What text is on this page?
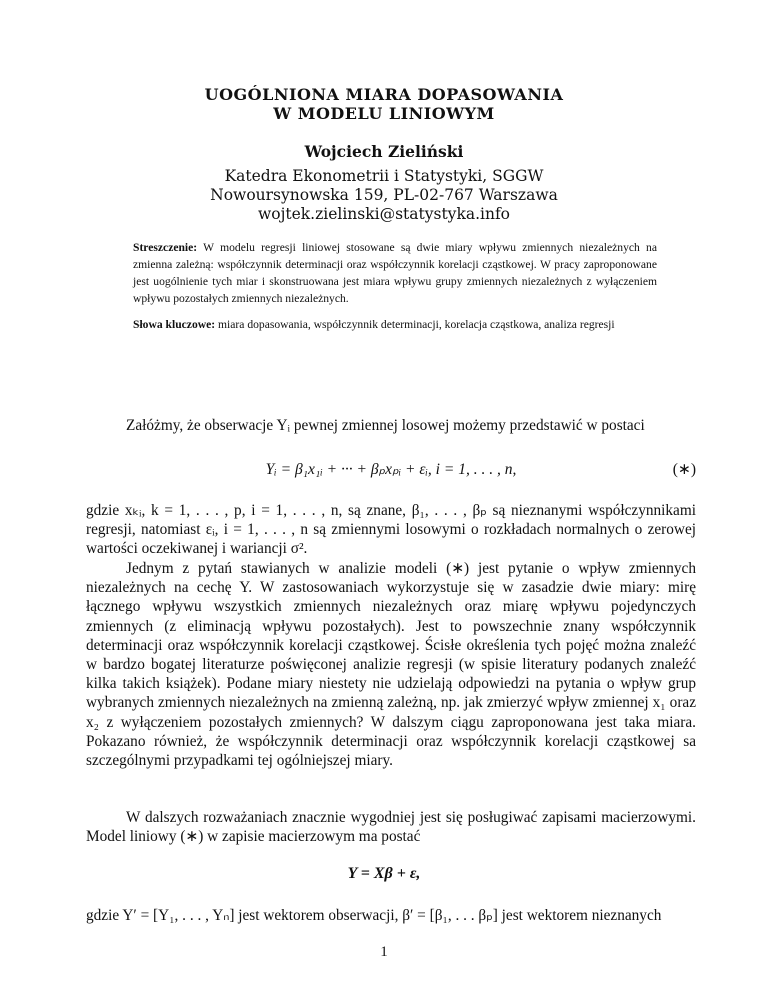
UOGÓLNIONA MIARA DOPASOWANIA
W MODELU LINIOWYM
Wojciech Zieliński
Katedra Ekonometrii i Statystyki, SGGW
Nowoursynowska 159, PL-02-767 Warszawa
wojtek.zielinski@statystyka.info
Streszczenie: W modelu regresji liniowej stosowane są dwie miary wpływu zmiennych niezależnych na zmienna zależną: współczynnik determinacji oraz współczynnik korelacji cząstkowej. W pracy zaproponowane jest uogólnienie tych miar i skonstruowana jest miara wpływu grupy zmiennych niezależnych z wyłączeniem wpływu pozostałych zmiennych niezależnych.
Słowa kluczowe: miara dopasowania, współczynnik determinacji, korelacja cząstkowa, analiza regresji
Załóżmy, że obserwacje Yᵢ pewnej zmiennej losowej możemy przedstawić w postaci
Yᵢ = β₁x₁ᵢ + ··· + βₚxₚᵢ + εᵢ, i = 1, . . . , n,	(∗)
gdzie xₖᵢ, k = 1, . . . , p, i = 1, . . . , n, są znane, β₁, . . . , βₚ są nieznanymi współczynnikami regresji, natomiast εᵢ, i = 1, . . . , n są zmiennymi losowymi o rozkładach normalnych o zerowej wartości oczekiwanej i wariancji σ².
Jednym z pytań stawianych w analizie modeli (∗) jest pytanie o wpływ zmiennych niezależnych na cechę Y. W zastosowaniach wykorzystuje się w zasadzie dwie miary: mirę łącznego wpływu wszystkich zmiennych niezależnych oraz miarę wpływu pojedynczych zmiennych (z eliminacją wpływu pozostałych). Jest to powszechnie znany współczynnik determinacji oraz współczynnik korelacji cząstkowej. Ścisłe określenia tych pojęć można znaleźć w bardzo bogatej literaturze poświęconej analizie regresji (w spisie literatury podanych znaleźć kilka takich książek). Podane miary niestety nie udzielają odpowiedzi na pytania o wpływ grup wybranych zmiennych niezależnych na zmienną zależną, np. jak zmierzyć wpływ zmiennej x₁ oraz x₂ z wyłączeniem pozostałych zmiennych? W dalszym ciągu zaproponowana jest taka miara. Pokazano również, że współczynnik determinacji oraz współczynnik korelacji cząstkowej sa szczególnymi przypadkami tej ogólniejszej miary.
W dalszych rozważaniach znacznie wygodniej jest się posługiwać zapisami macierzowymi. Model liniowy (∗) w zapisie macierzowym ma postać
Y = Xβ + ε,
gdzie Y′ = [Y₁, . . . , Yₙ] jest wektorem obserwacji, β′ = [β₁, . . . βₚ] jest wektorem nieznanych
1
